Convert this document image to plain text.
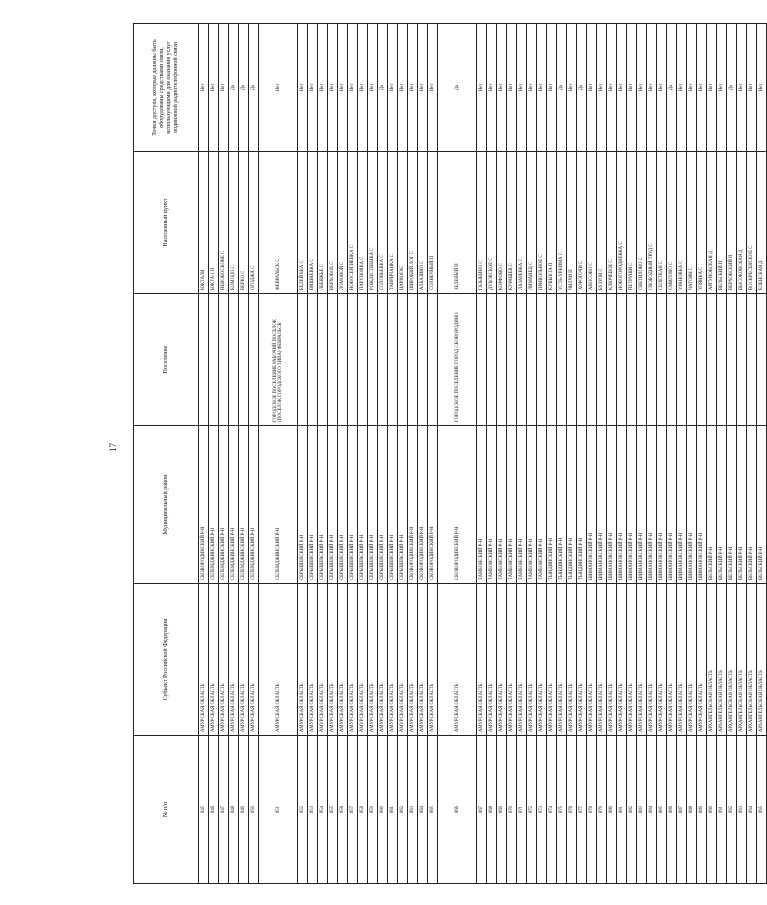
17
№ п/п	Субъект Российской Федерации	Муниципальный район	Поселение	Населенный пункт	Точки доступа, которые должны быть оборудованы средствами связи, использующими для оказания услуг подвижной радиотелефонной связи
845	АМУРСКАЯ ОБЛАСТЬ	СКОВОРОДИНСКИЙ Р-Н		ЮКТАЛИ	Нет
846	АМУРСКАЯ ОБЛАСТЬ	СЕЛЕМДЖИНСКИЙ Р-Н		ЮКТА-1 П	Нет
847	АМУРСКАЯ ОБЛАСТЬ	СЕЛЕМДЖИНСКИЙ Р-Н		НЕВОВОСКОВЕ С	Нет
848	АМУРСКАЯ ОБЛАСТЬ	СЕЛЕМДЖИНСКИЙ Р-Н		КОМОДО С	Да
849	АМУРСКАЯ ОБЛАСТЬ	СЕЛЕМДЖИНСКИЙ Р-Н		ВЕРКО С	Да
850	АМУРСКАЯ ОБЛАСТЬ	СЕЛЕМДЖИНСКИЙ Р-Н		ОГОДЖА С	Да
851	АМУРСКАЯ ОБЛАСТЬ	СЕЛЕМДЖИНСКИЙ Р-Н	ГОРОДСКОЕ ПОСЕЛЕНИЕ РАБОЧИЙ ПОСЕЛОК (ПОСЕЛОК ГОРОДСКОГО ТИПА) ФЕВРАЛЬСК	ФЕВРАЛЬСК С	Нет
852	АМУРСКАЯ ОБЛАСТЬ	СЕРЫШЕВСКИЙ Р-Н		БЕЛЕЙ БКА С	Нет
853	АМУРСКАЯ ОБЛАСТЬ	СЕРЫШЕВСКИЙ Р-Н		ВИШНЕВКА С	Нет
854	АМУРСКАЯ ОБЛАСТЬ	СЕРЫШЕВСКИЙ Р-Н		ЛЕБЯЖЬЕ С	Нет
855	АМУРСКАЯ ОБЛАСТЬ	СЕРЫШЕВСКИЙ Р-Н		ВЕРХОВОЕ С	Нет
856	АМУРСКАЯ ОБЛАСТЬ	СЕРЫШЕВСКИЙ Р-Н		ЛОМОВОЙ С	Нет
857	АМУРСКАЯ ОБЛАСТЬ	СЕРЫШЕВСКИЙ Р-Н		НОВОСЕРГИЕВКА С	Нет
858	АМУРСКАЯ ОБЛАСТЬ	СЕРЫШЕВСКИЙ Р-Н		ПАРУНОВКА С	Нет
859	АМУРСКАЯ ОБЛАСТЬ	СЕРЫШЕВСКИЙ Р-Н		РОЖДЕСТВЕНКА С	Нет
860	АМУРСКАЯ ОБЛАСТЬ	СЕРЫШЕВСКИЙ Р-Н		СОЛОВЬЕВКА С	Да
861	АМУРСКАЯ ОБЛАСТЬ	СЕРЫШЕВСКИЙ Р-Н		ТАВРИЧАНКА С	Нет
862	АМУРСКАЯ ОБЛАСТЬ	СЕРЫШЕВСКИЙ Р-Н		ЦАРИОГАС	Нет
863	АМУРСКАЯ ОБЛАСТЬ	СКОВОРОДИНСКИЙ Р-Н		ШИРОКИЙ ЛОГ С	Нет
864	АМУРСКАЯ ОБЛАСТЬ	СКОВОРОДИНСКИЙ Р-Н		АЛБАЗИНО С	Нет
865	АМУРСКАЯ ОБЛАСТЬ	СКОВОРОДИНСКИЙ Р-Н		СОЛНЕЧНЫЙ П	Нет
866	АМУРСКАЯ ОБЛАСТЬ	СКОВОРОДИНСКИЙ Р-Н	ГОРОДСКОЕ ПОСЕЛЕНИЕ ГОРОД СКОВОРОДИНО	ЗЕЛЕНЫЙ П	Да
867	АМУРСКАЯ ОБЛАСТЬ	ТАМБОВСКИЙ Р-Н		ГАЗЫКИНО С	Нет
868	АМУРСКАЯ ОБЛАСТЬ	ТАМБОВСКИЙ Р-Н		ДУБОВСКОЕ С	Нет
869	АМУРСКАЯ ОБЛАСТЬ	ТАМБОВСКИЙ Р-Н		КОРФОВО С	Нет
870	АМУРСКАЯ ОБЛАСТЬ	ТАМБОВСКИЙ Р-Н		КУРАШЕВ С	Нет
871	АМУРСКАЯ ОБЛАСТЬ	ТАМБОВСКИЙ Р-Н		ЛАЗАРЕВКА С	Нет
872	АМУРСКАЯ ОБЛАСТЬ	ТАМБОВСКИЙ Р-Н		ЛИМАНЕЦ С	Нет
873	АМУРСКАЯ ОБЛАСТЬ	ТАМБОВСКИЙ Р-Н		ПРИВОЛЬНОЕ С	Нет
874	АМУРСКАЯ ОБЛАСТЬ	ТЫНДИНСКИЙ Р-Н		КУВЫКТА П	Нет
875	АМУРСКАЯ ОБЛАСТЬ	ТЫНДИНСКИЙ Р-Н		УСТЬ-УРКИМА С	Да
876	АМУРСКАЯ ОБЛАСТЬ	ТЫНДИНСКИЙ Р-Н		ЧИЛЧИ П	Нет
877	АМУРСКАЯ ОБЛАСТЬ	ТЫНДИНСКИЙ Р-Н		ХОРОГОЧИ С	Да
878	АМУРСКАЯ ОБЛАСТЬ	ШИМАНОВСКИЙ Р-Н		АНОСОВО С	Нет
879	АМУРСКАЯ ОБЛАСТЬ	ШИМАНОВСКИЙ Р-Н		БУЗУЛИ С	Нет
880	АМУРСКАЯ ОБЛАСТЬ	ШИМАНОВСКИЙ Р-Н		КЛЮЧЕВОЕ С	Нет
881	АМУРСКАЯ ОБЛАСТЬ	ШИМАНОВСКИЙ Р-Н		НОВОГОРОДНЕВКА С	Нет
882	АМУРСКАЯ ОБЛАСТЬ	ШИМАНОВСКИЙ Р-Н		ПЕТРУШИ С	Нет
883	АМУРСКАЯ ОБЛАСТЬ	ШИМАНОВСКИЙ Р-Н		СВЕТИЛОВО С	Нет
884	АМУРСКАЯ ОБЛАСТЬ	ШИМАНОВСКИЙ Р-Н		СВОБОДНЫЙ ТРУД С	Нет
885	АМУРСКАЯ ОБЛАСТЬ	ШИМАНОВСКИЙ Р-Н		СЕЛЕТКАН С	Нет
886	АМУРСКАЯ ОБЛАСТЬ	ШИМАНОВСКИЙ Р-Н		СМИЛОВО С	Да
887	АМУРСКАЯ ОБЛАСТЬ	ШИМАНОВСКИЙ Р-Н		УРАНОВКА С	Нет
888	АМУРСКАЯ ОБЛАСТЬ	ШИМАНОВСКИЙ Р-Н		ЧАГОЯН С	Нет
889	АМУРСКАЯ ОБЛАСТЬ	ШИМАНОВСКИЙ Р-Н		УЛЯНКА С	Нет
890	АРХАНГЕЛЬСКАЯ ОБЛАСТЬ	ВЕЛЬСКИЙ Р-Н		АРГУНОВСКАЯ Д	Нет
891	АРХАНГЕЛЬСКАЯ ОБЛАСТЬ	ВЕЛЬСКИЙ Р-Н		ВЕЛЬСКИЙ П	Нет
892	АРХАНГЕЛЬСКАЯ ОБЛАСТЬ	ВЕЛЬСКИЙ Р-Н		ВЕРХОВСКИЙ П	Да
893	АРХАНГЕЛЬСКАЯ ОБЛАСТЬ	ВЕЛЬСКИЙ Р-Н		ВЫСОКОВСКАЯ Д	Нет
894	АРХАНГЕЛЬСКАЯ ОБЛАСТЬ	ВЕЛЬСКИЙ Р-Н		ВОСКРЕСЕНСКОЕ С	Нет
895	АРХАНГЕЛЬСКАЯ ОБЛАСТЬ	ВЕЛЬСКИЙ Р-Н		ЕЛЕНСКАЯ Д	Нет
